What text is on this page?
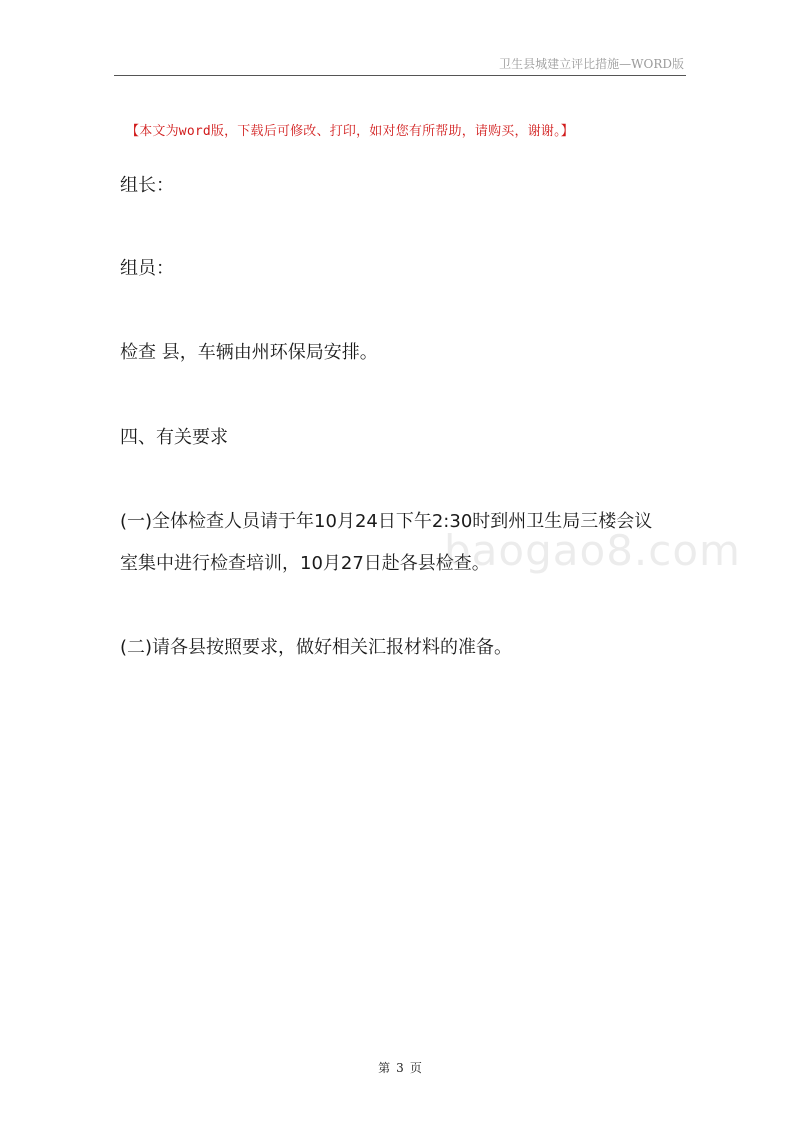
卫生县城建立评比措施—WORD版
【本文为word版，下载后可修改、打印，如对您有所帮助，请购买，谢谢。】
组长：
组员：
检查 县，车辆由州环保局安排。
四、有关要求
(一)全体检查人员请于年10月24日下午2:30时到州卫生局三楼会议
室集中进行检查培训，10月27日赴各县检查。
(二)请各县按照要求，做好相关汇报材料的准备。
baogao8.com
第 3 页
